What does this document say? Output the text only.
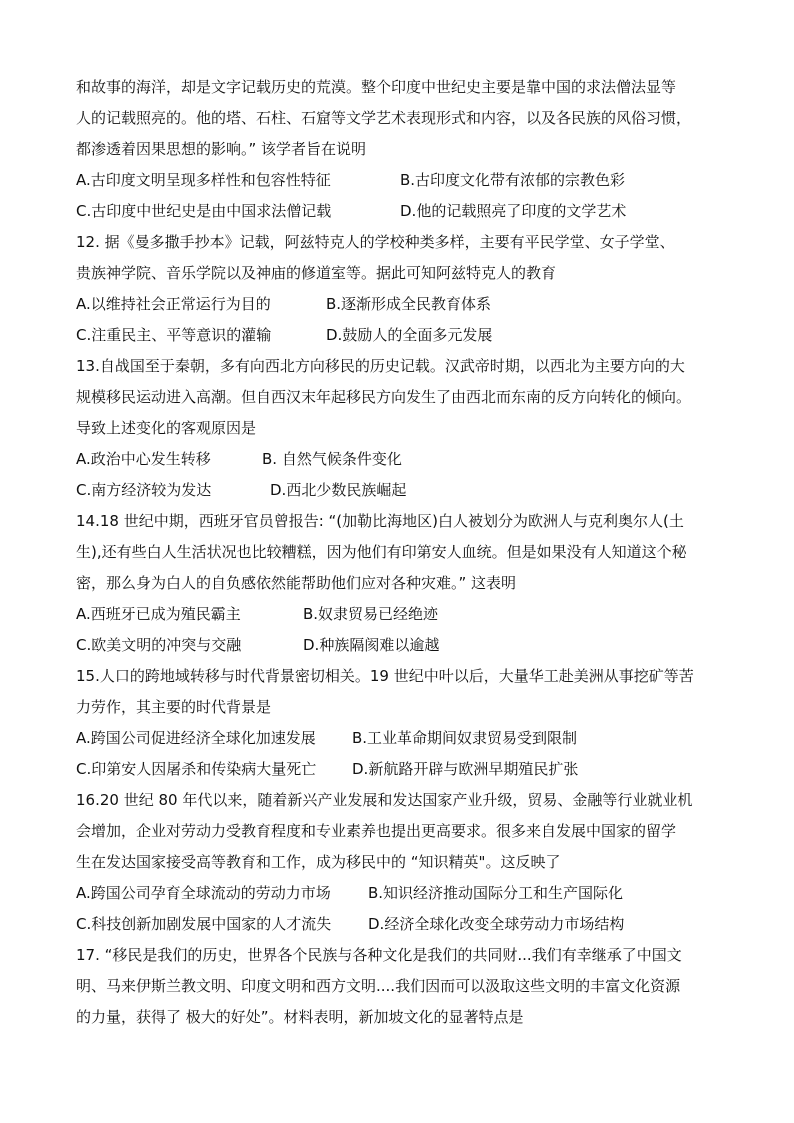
和故事的海洋，却是文字记载历史的荒漠。整个印度中世纪史主要是靠中国的求法僧法显等
人的记载照亮的。他的塔、石柱、石窟等文学艺术表现形式和内容，以及各民族的风俗习惯，
都渗透着因果思想的影响。” 该学者旨在说明
A.古印度文明呈现多样性和包容性特征	B.古印度文化带有浓郁的宗教色彩
C.古印度中世纪史是由中国求法僧记载	D.他的记载照亮了印度的文学艺术
12. 据《曼多撒手抄本》记载，阿兹特克人的学校种类多样，主要有平民学堂、女子学堂、
贵族神学院、音乐学院以及神庙的修道室等。据此可知阿兹特克人的教育
A.以维持社会正常运行为目的	B.逐渐形成全民教育体系
C.注重民主、平等意识的灌输	D.鼓励人的全面多元发展
13.自战国至于秦朝，多有向西北方向移民的历史记载。汉武帝时期，以西北为主要方向的大
规模移民运动进入高潮。但自西汉末年起移民方向发生了由西北而东南的反方向转化的倾向。
导致上述变化的客观原因是
A.政治中心发生转移	B. 自然气候条件变化
C.南方经济较为发达	D.西北少数民族崛起
14.18 世纪中期，西班牙官员曾报告: “(加勒比海地区)白人被划分为欧洲人与克利奥尔人(土
生),还有些白人生活状况也比较糟糕，因为他们有印第安人血统。但是如果没有人知道这个秘
密，那么身为白人的自负感依然能帮助他们应对各种灾难。” 这表明
A.西班牙已成为殖民霸主	B.奴隶贸易已经绝迹
C.欧美文明的冲突与交融	D.种族隔阂难以逾越
15.人口的跨地域转移与时代背景密切相关。19 世纪中叶以后，大量华工赴美洲从事挖矿等苦
力劳作，其主要的时代背景是
A.跨国公司促进经济全球化加速发展	B.工业革命期间奴隶贸易受到限制
C.印第安人因屠杀和传染病大量死亡	D.新航路开辟与欧洲早期殖民扩张
16.20 世纪 80 年代以来，随着新兴产业发展和发达国家产业升级，贸易、金融等行业就业机
会增加，企业对劳动力受教育程度和专业素养也提出更高要求。很多来自发展中国家的留学
生在发达国家接受高等教育和工作，成为移民中的 “知识精英"。这反映了
A.跨国公司孕育全球流动的劳动力市场	B.知识经济推动国际分工和生产国际化
C.科技创新加剧发展中国家的人才流失	D.经济全球化改变全球劳动力市场结构
17. “移民是我们的历史，世界各个民族与各种文化是我们的共同财...我们有幸继承了中国文
明、马来伊斯兰教文明、印度文明和西方文明....我们因而可以汲取这些文明的丰富文化资源
的力量，获得了 极大的好处”。材料表明，新加坡文化的显著特点是
